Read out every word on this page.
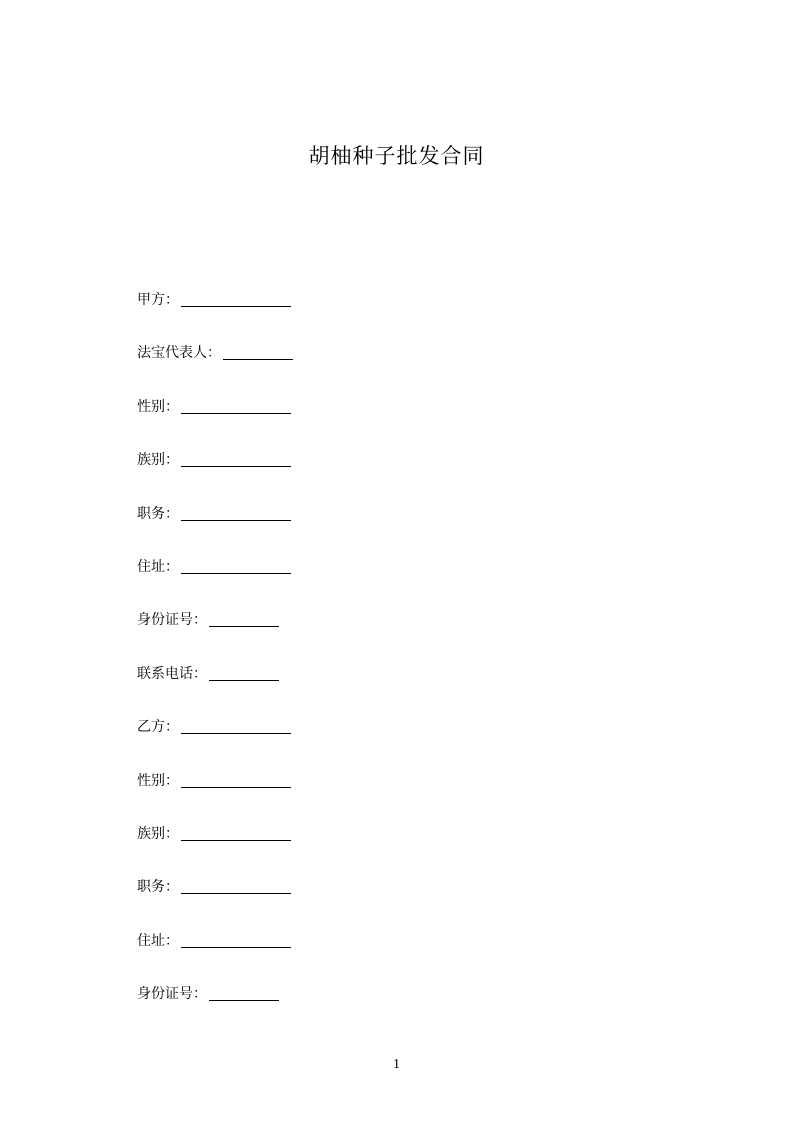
胡柚种子批发合同
甲方：
法宝代表人：
性别：
族别：
职务：
住址：
身份证号：
联系电话：
乙方：
性别：
族别：
职务：
住址：
身份证号：
1
